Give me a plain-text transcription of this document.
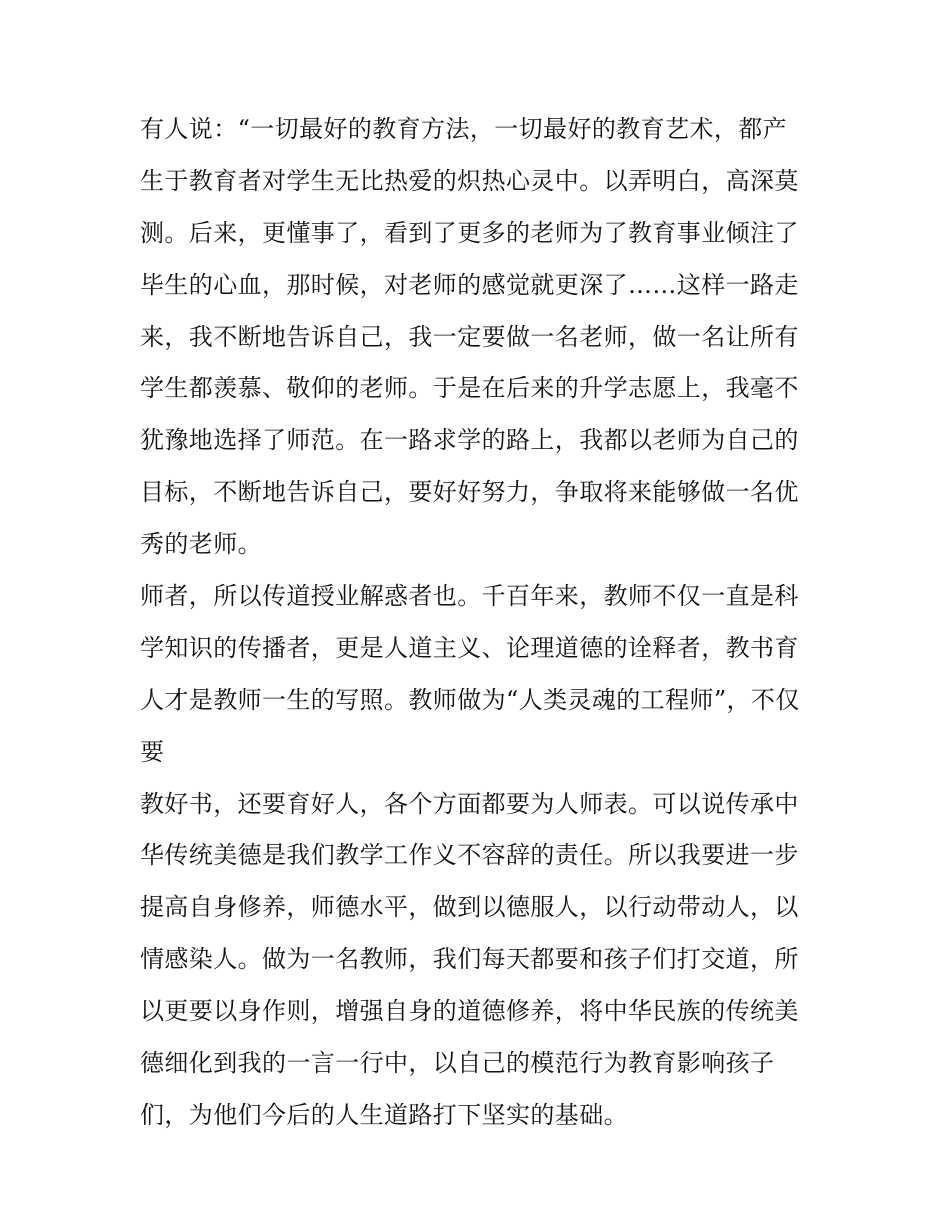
有人说：“一切最好的教育方法，一切最好的教育艺术，都产
生于教育者对学生无比热爱的炽热心灵中。以弄明白，高深莫
测。后来，更懂事了，看到了更多的老师为了教育事业倾注了
毕生的心血，那时候，对老师的感觉就更深了……这样一路走
来，我不断地告诉自己，我一定要做一名老师，做一名让所有
学生都羡慕、敬仰的老师。于是在后来的升学志愿上，我毫不
犹豫地选择了师范。在一路求学的路上，我都以老师为自己的
目标，不断地告诉自己，要好好努力，争取将来能够做一名优
秀的老师。
师者，所以传道授业解惑者也。千百年来，教师不仅一直是科
学知识的传播者，更是人道主义、论理道德的诠释者，教书育
人才是教师一生的写照。教师做为“人类灵魂的工程师”，不仅
要
教好书，还要育好人，各个方面都要为人师表。可以说传承中
华传统美德是我们教学工作义不容辞的责任。所以我要进一步
提高自身修养，师德水平，做到以德服人，以行动带动人，以
情感染人。做为一名教师，我们每天都要和孩子们打交道，所
以更要以身作则，增强自身的道德修养，将中华民族的传统美
德细化到我的一言一行中，以自己的模范行为教育影响孩子
们，为他们今后的人生道路打下坚实的基础。
